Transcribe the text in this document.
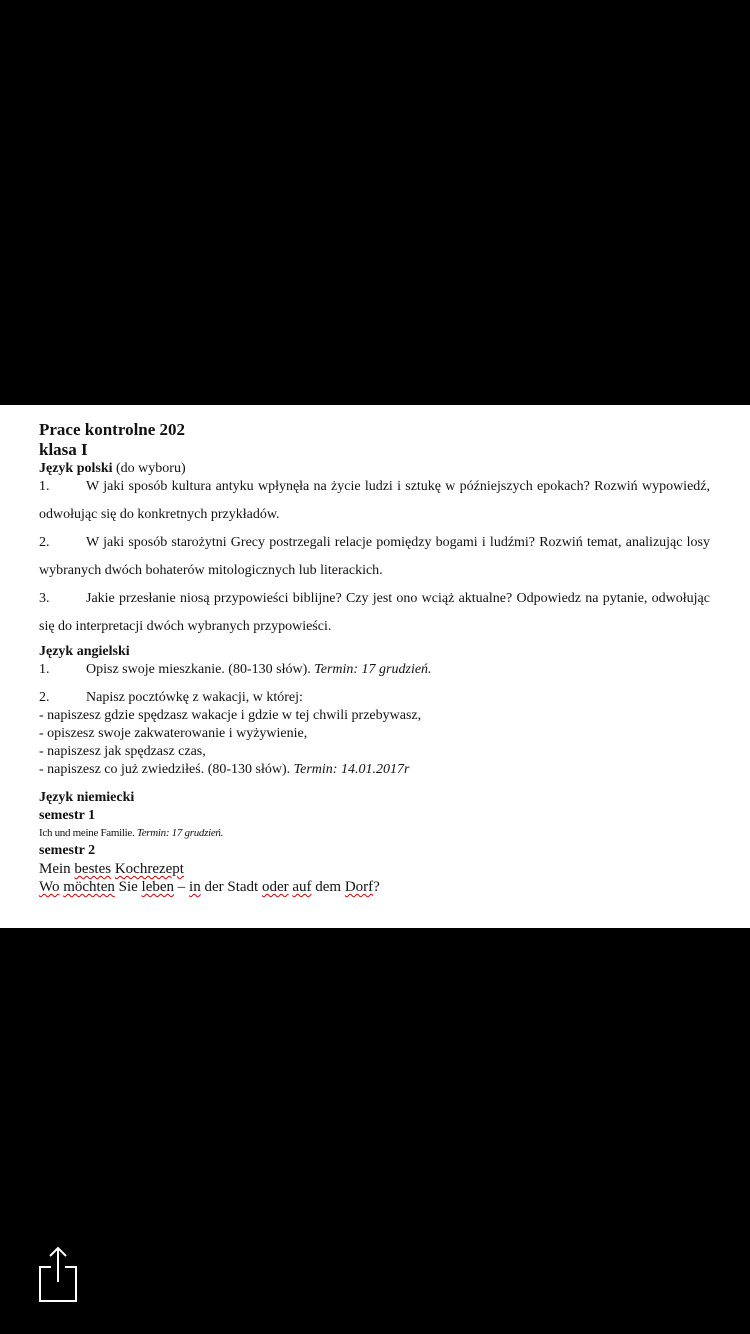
Prace kontrolne 202
klasa I
Język polski (do wyboru)

1.	W jaki sposób kultura antyku wpłynęła na życie ludzi i sztukę w późniejszych epokach? Rozwiń wypowiedź, odwołując się do konkretnych przykładów.

2.	W jaki sposób starożytni Grecy postrzegali relacje pomiędzy bogami i ludźmi? Rozwiń temat, analizując losy wybranych dwóch bohaterów mitologicznych lub literackich.

3.	Jakie przesłanie niosą przypowieści biblijne? Czy jest ono wciąż aktualne? Odpowiedz na pytanie, odwołując się do interpretacji dwóch wybranych przypowieści.

Język angielski
1.	Opisz swoje mieszkanie. (80-130 słów). Termin: 17 grudzień.
2.	Napisz pocztówkę z wakacji, w której:
- napiszesz gdzie spędzasz wakacje i gdzie w tej chwili przebywasz,
- opiszesz swoje zakwaterowanie i wyżywienie,
- napiszesz jak spędzasz czas,
- napiszesz co już zwiedziłeś. (80-130 słów). Termin: 14.01.2017r
Język niemiecki
semestr 1
Ich und meine Familie. Termin: 17 grudzień.
semestr 2
Mein bestes Kochrezept
Wo möchten Sie leben – in der Stadt oder auf dem Dorf?
